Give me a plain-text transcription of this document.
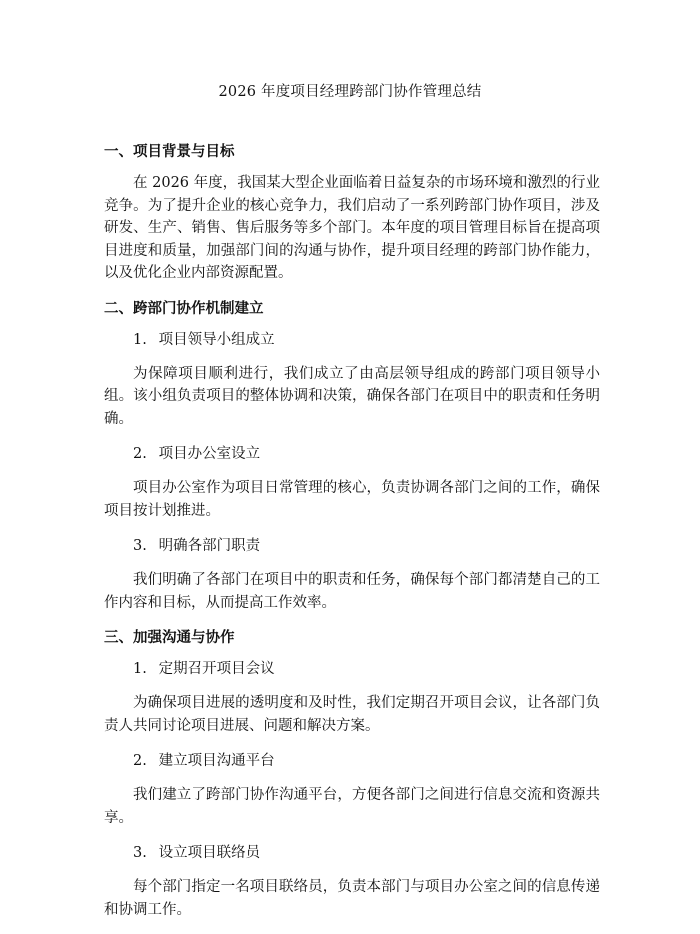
2026 年度项目经理跨部门协作管理总结
一、项目背景与目标
在 2026 年度，我国某大型企业面临着日益复杂的市场环境和激烈的行业竞争。为了提升企业的核心竞争力，我们启动了一系列跨部门协作项目，涉及研发、生产、销售、售后服务等多个部门。本年度的项目管理目标旨在提高项目进度和质量，加强部门间的沟通与协作，提升项目经理的跨部门协作能力，以及优化企业内部资源配置。
二、跨部门协作机制建立
1. 项目领导小组成立
为保障项目顺利进行，我们成立了由高层领导组成的跨部门项目领导小组。该小组负责项目的整体协调和决策，确保各部门在项目中的职责和任务明确。
2. 项目办公室设立
项目办公室作为项目日常管理的核心，负责协调各部门之间的工作，确保项目按计划推进。
3. 明确各部门职责
我们明确了各部门在项目中的职责和任务，确保每个部门都清楚自己的工作内容和目标，从而提高工作效率。
三、加强沟通与协作
1. 定期召开项目会议
为确保项目进展的透明度和及时性，我们定期召开项目会议，让各部门负责人共同讨论项目进展、问题和解决方案。
2. 建立项目沟通平台
我们建立了跨部门协作沟通平台，方便各部门之间进行信息交流和资源共享。
3. 设立项目联络员
每个部门指定一名项目联络员，负责本部门与项目办公室之间的信息传递和协调工作。
